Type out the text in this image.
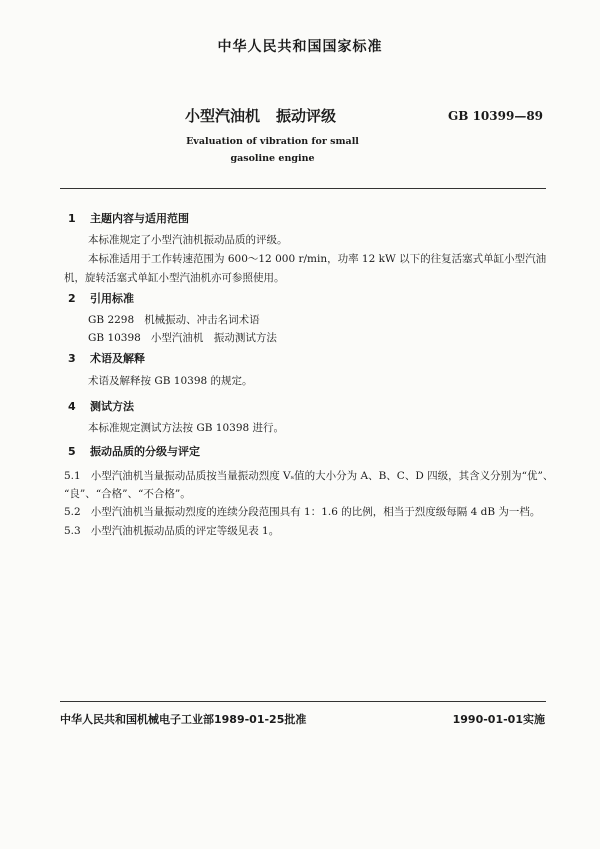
中华人民共和国国家标准
小型汽油机 振动评级	GB 10399—89
Evaluation of vibration for small
gasoline engine
1 主题内容与适用范围
本标准规定了小型汽油机振动品质的评级。
本标准适用于工作转速范围为 600～12 000 r/min，功率 12 kW 以下的往复活塞式单缸小型汽油
机，旋转活塞式单缸小型汽油机亦可参照使用。
2 引用标准
GB 2298 机械振动、冲击名词术语
GB 10398 小型汽油机　振动测试方法
3 术语及解释
术语及解释按 GB 10398 的规定。
4 测试方法
本标准规定测试方法按 GB 10398 进行。
5 振动品质的分级与评定
5.1 小型汽油机当量振动品质按当量振动烈度 Vₛ值的大小分为 A、B、C、D 四级，其含义分别为“优”、
“良”、“合格”、“不合格”。
5.2 小型汽油机当量振动烈度的连续分段范围具有 1：1.6 的比例，相当于烈度级每隔 4 dB 为一档。
5.3 小型汽油机振动品质的评定等级见表 1。
中华人民共和国机械电子工业部1989-01-25批准	1990-01-01实施
